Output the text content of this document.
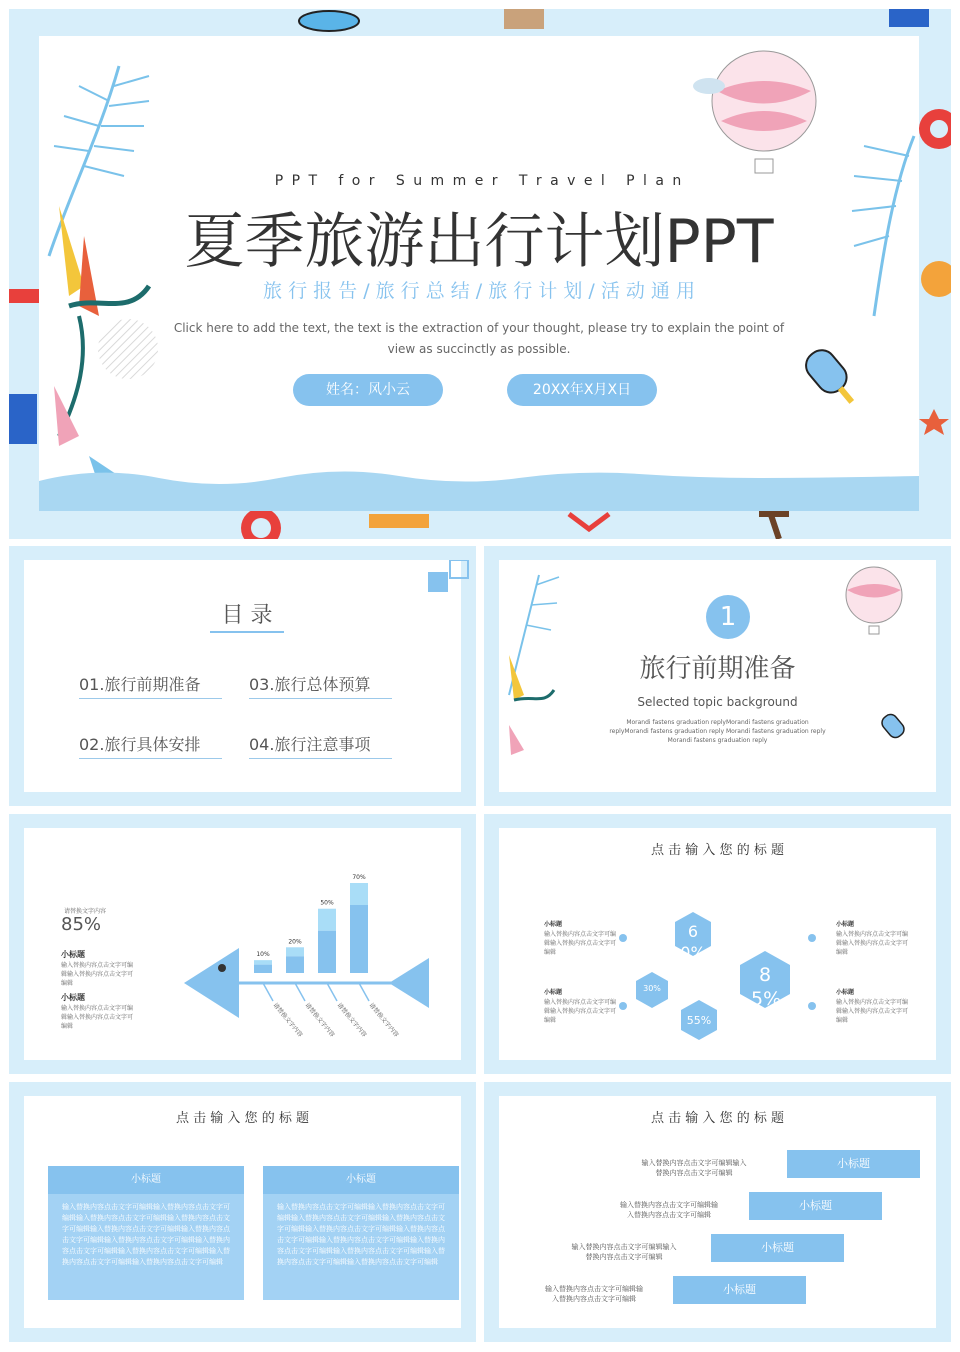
P P T   f o r   S u m m e r   T r a v e l   P l a n
夏季旅游出行计划PPT
旅 行 报 告 / 旅 行 总 结 / 旅 行 计 划 / 活 动 通 用
Click here to add the text, the text is the extraction of your thought, please try to explain the point of
view as succinctly as possible.
姓名：风小云	20XX年X月X日
目 录
01.旅行前期准备	03.旅行总体预算
02.旅行具体安排	04.旅行注意事项
1
旅行前期准备
Selected topic background
Morandi fastens graduation replyMorandi fastens graduation
replyMorandi fastens graduation reply Morandi fastens graduation reply
Morandi fastens graduation reply
请替换文字内容
85%
小标题
输入替换内容点击文字可编辑输入替换内容点击文字可编辑
小标题
输入替换内容点击文字可编辑输入替换内容点击文字可编辑
10%
请替换文字内容
20%
请替换文字内容
50%
请替换文字内容
70%
请替换文字内容
点 击 输 入 您 的 标 题
小标题
输入替换内容点击文字可编辑输入替换内容点击文字可编辑
小标题
输入替换内容点击文字可编辑输入替换内容点击文字可编辑
小标题
输入替换内容点击文字可编辑输入替换内容点击文字可编辑
小标题
输入替换内容点击文字可编辑输入替换内容点击文字可编辑
60%
85%
30%
55%
点 击 输 入 您 的 标 题
小标题
输入替换内容点击文字可编辑输入替换内容点击文字可编辑输入替换内容点击文字可编辑输入替换内容点击文字可编辑输入替换内容点击文字可编辑输入替换内容点击文字可编辑输入替换内容点击文字可编辑输入替换内容点击文字可编辑输入替换内容点击文字可编辑输入替换内容点击文字可编辑输入替换内容点击文字可编辑
小标题
输入替换内容点击文字可编辑输入替换内容点击文字可编辑输入替换内容点击文字可编辑输入替换内容点击文字可编辑输入替换内容点击文字可编辑输入替换内容点击文字可编辑输入替换内容点击文字可编辑输入替换内容点击文字可编辑输入替换内容点击文字可编辑输入替换内容点击文字可编辑输入替换内容点击文字可编辑
点 击 输 入 您 的 标 题
输入替换内容点击文字可编辑输入
替换内容点击文字可编辑
小标题
输入替换内容点击文字可编辑输
入替换内容点击文字可编辑
小标题
输入替换内容点击文字可编辑输入
替换内容点击文字可编辑
小标题
输入替换内容点击文字可编辑输
入替换内容点击文字可编辑
小标题
